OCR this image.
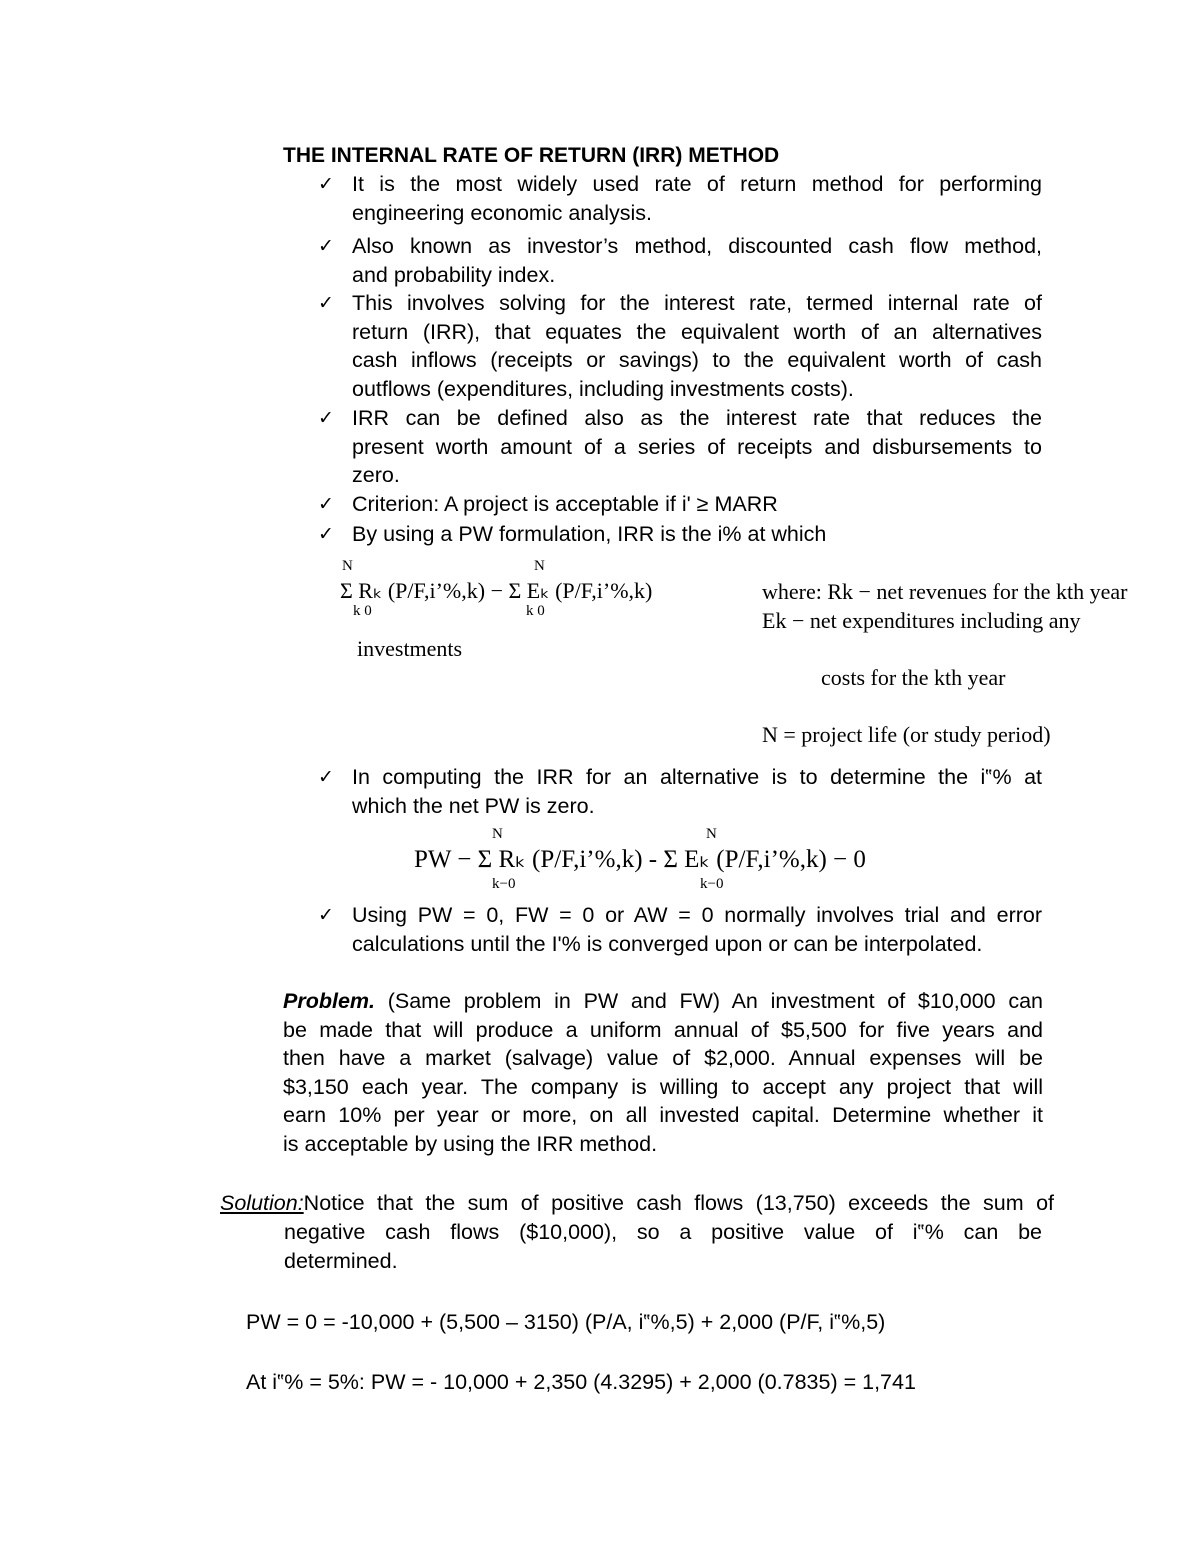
THE INTERNAL RATE OF RETURN (IRR) METHOD
✓ It is the most widely used rate of return method for performing
engineering economic analysis.
✓ Also known as investor’s method, discounted cash flow method,
and probability index.
✓ This involves solving for the interest rate, termed internal rate of
return (IRR), that equates the equivalent worth of an alternatives
cash inflows (receipts or savings) to the equivalent worth of cash
outflows (expenditures, including investments costs).
✓ IRR can be defined also as the interest rate that reduces the
present worth amount of a series of receipts and disbursements to
zero.
✓ Criterion: A project is acceptable if i' ≥ MARR
✓ By using a PW formulation, IRR is the i% at which
N	N
Σ Rₖ (P/F,i’%,k) − Σ Eₖ (P/F,i’%,k)
k 0	k 0
investments
where: Rk − net revenues for the kth year
Ek − net expenditures including any
costs for the kth year
N = project life (or study period)
✓ In computing the IRR for an alternative is to determine the i‟% at
which the net PW is zero.
N	N
PW − Σ Rₖ (P/F,i’%,k) - Σ Eₖ (P/F,i’%,k) − 0
k−0	k−0
✓ Using PW = 0, FW = 0 or AW = 0 normally involves trial and error
calculations until the I'% is converged upon or can be interpolated.
Problem. (Same problem in PW and FW) An investment of $10,000 can
be made that will produce a uniform annual of $5,500 for five years and
then have a market (salvage) value of $2,000. Annual expenses will be
$3,150 each year. The company is willing to accept any project that will
earn 10% per year or more, on all invested capital. Determine whether it
is acceptable by using the IRR method.
Solution:Notice that the sum of positive cash flows (13,750) exceeds the sum of
negative cash flows ($10,000), so a positive value of i‟% can be
determined.
PW = 0 = -10,000 + (5,500 – 3150) (P/A, i‟%,5) + 2,000 (P/F, i‟%,5)
At i‟% = 5%: PW = - 10,000 + 2,350 (4.3295) + 2,000 (0.7835) = 1,741
